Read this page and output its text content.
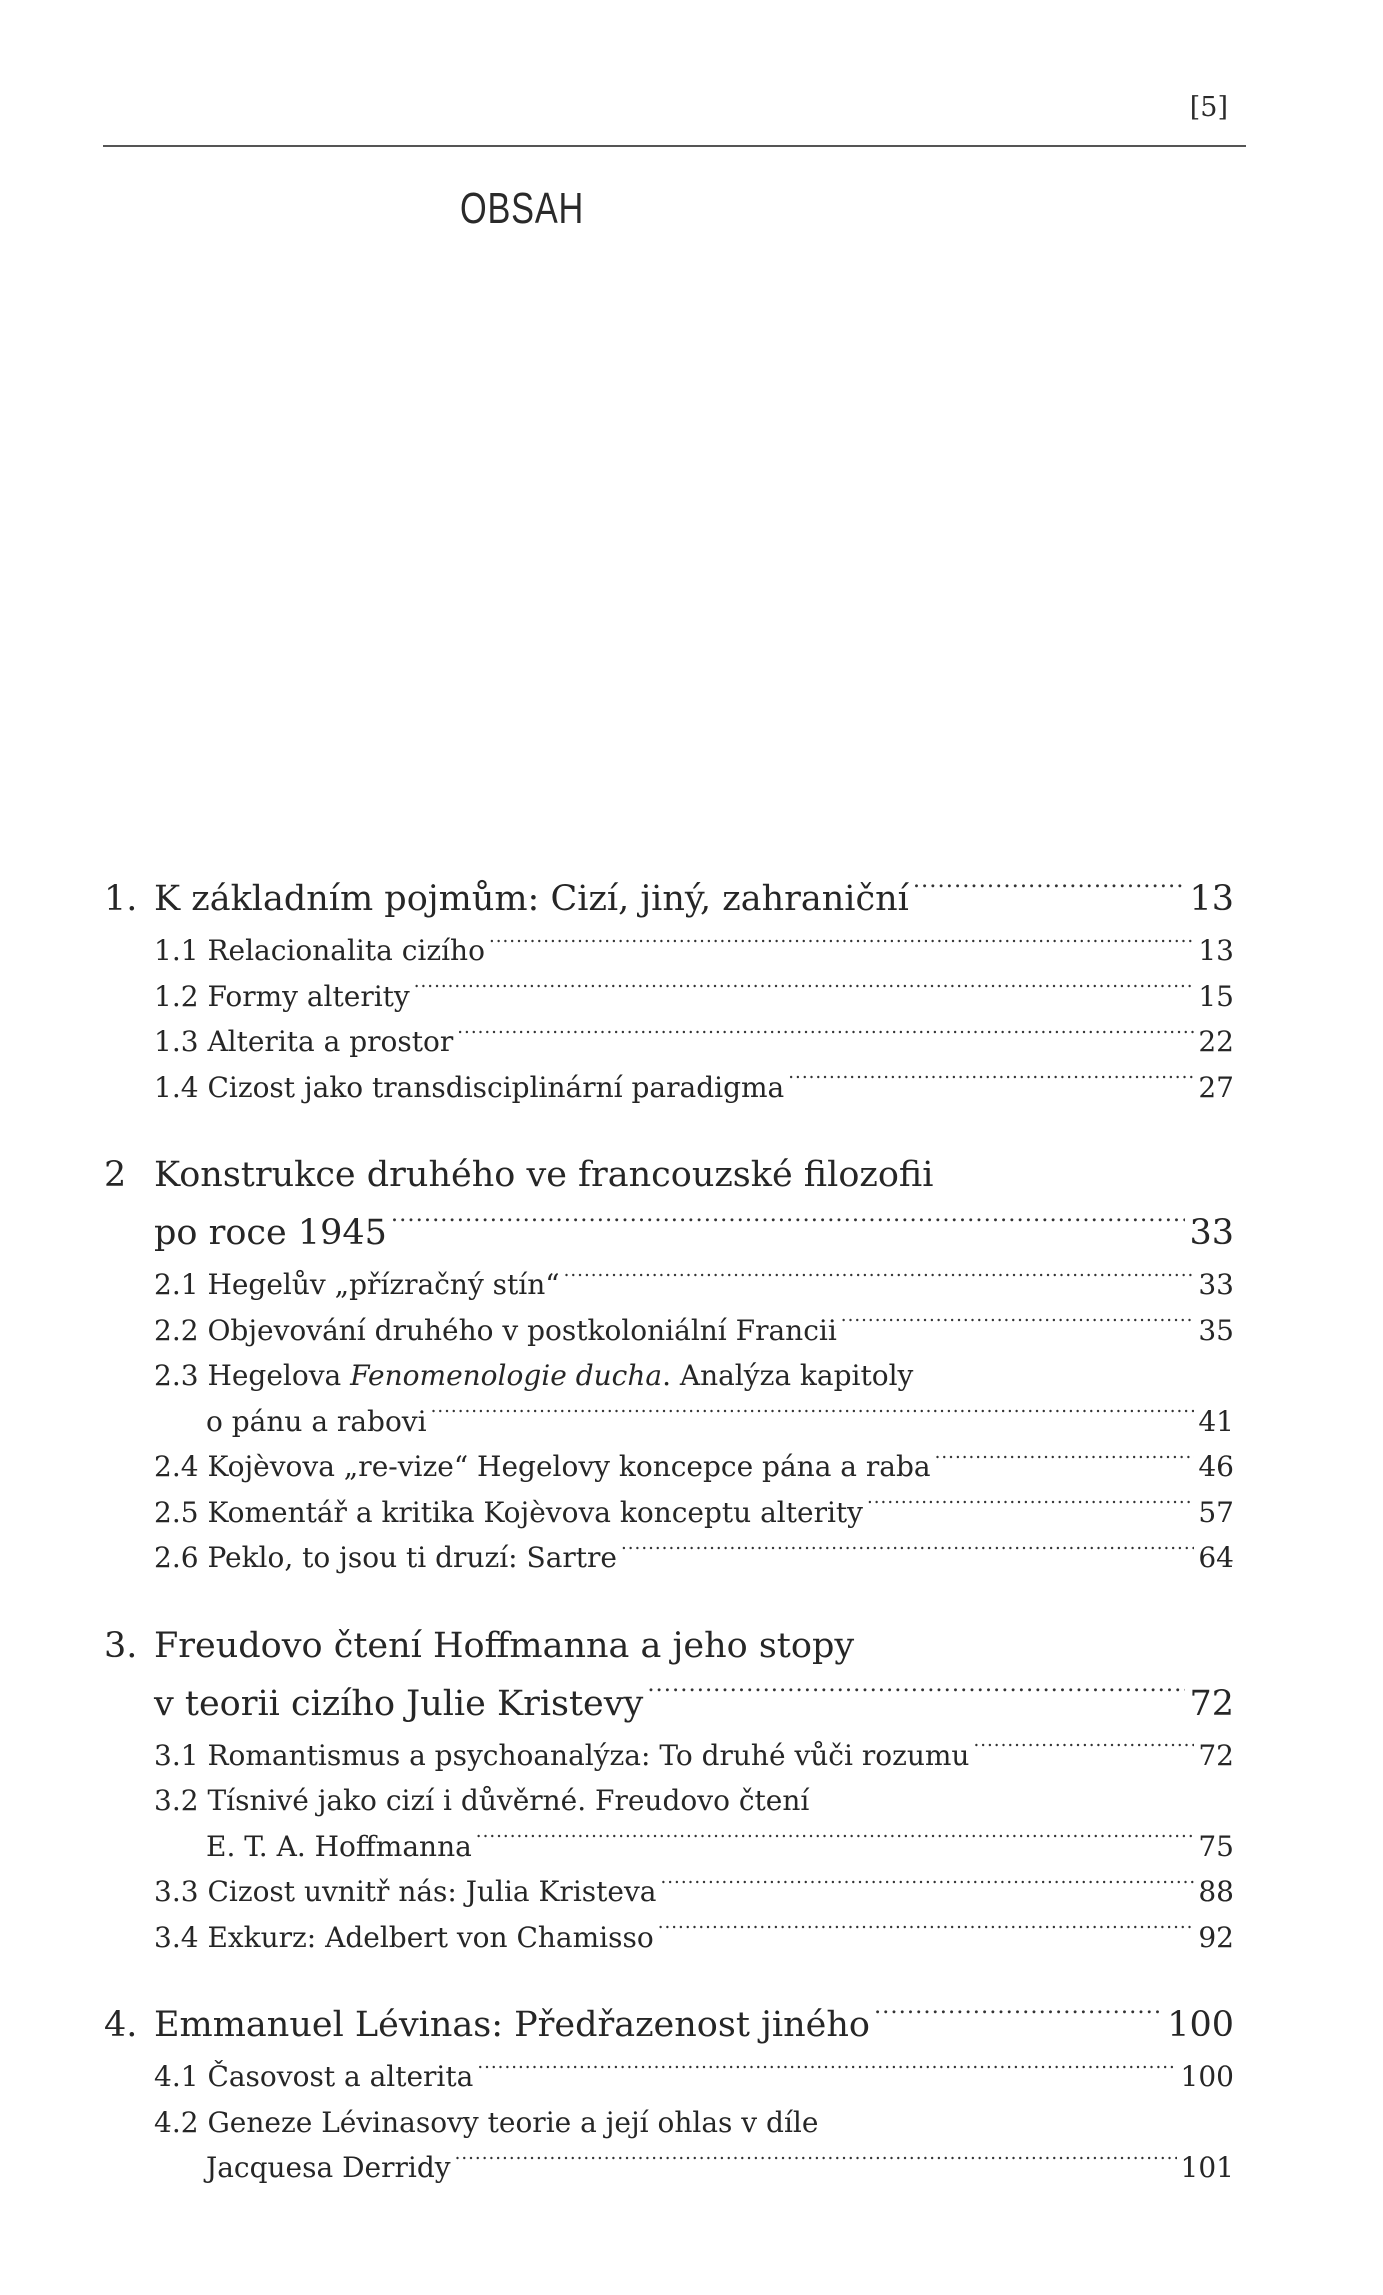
[5]
OBSAH
1. K základním pojmům: Cizí, jiný, zahraniční .....	13
1.1 Relacionalita cizího .....	13
1.2 Formy alterity .....	15
1.3 Alterita a prostor .....	22
1.4 Cizost jako transdisciplinární paradigma .....	27
2 Konstrukce druhého ve francouzské filozofii
po roce 1945 .....	33
2.1 Hegelův „přízračný stín“ .....	33
2.2 Objevování druhého v postkoloniální Francii .....	35
2.3 Hegelova Fenomenologie ducha. Analýza kapitoly
o pánu a rabovi .....	41
2.4 Kojèvova „re-vize“ Hegelovy koncepce pána a raba .....	46
2.5 Komentář a kritika Kojèvova konceptu alterity .....	57
2.6 Peklo, to jsou ti druzí: Sartre .....	64
3. Freudovo čtení Hoffmanna a jeho stopy
v teorii cizího Julie Kristevy .....	72
3.1 Romantismus a psychoanalýza: To druhé vůči rozumu .....	72
3.2 Tísnivé jako cizí i důvěrné. Freudovo čtení
E. T. A. Hoffmanna .....	75
3.3 Cizost uvnitř nás: Julia Kristeva .....	88
3.4 Exkurz: Adelbert von Chamisso .....	92
4. Emmanuel Lévinas: Předřazenost jiného .....	100
4.1 Časovost a alterita .....	100
4.2 Geneze Lévinasovy teorie a její ohlas v díle
Jacquesa Derridy .....	101
